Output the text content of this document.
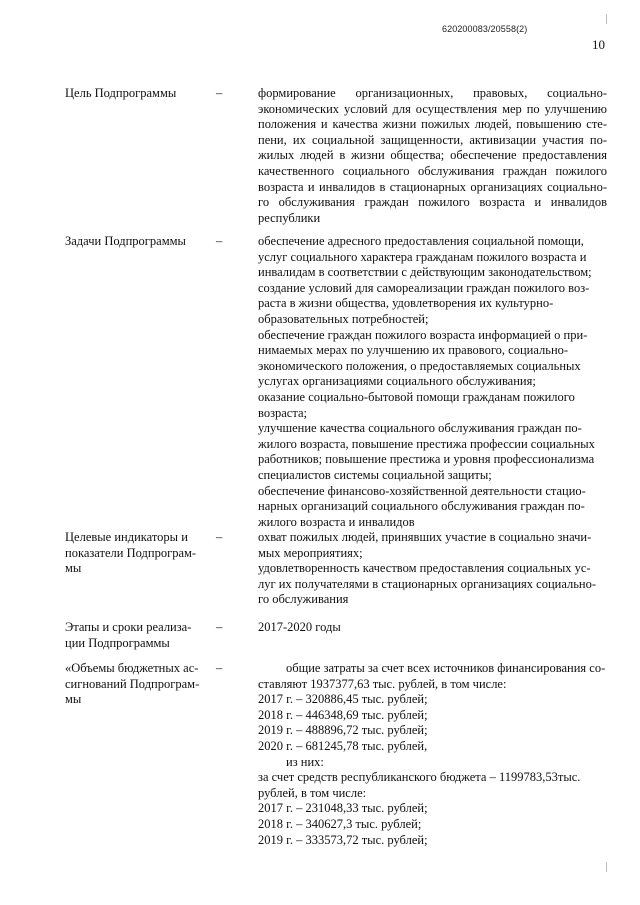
620200083/20558(2)
10
Цель Подпрограммы	–	формирование организационных, правовых, социально-
экономических условий для осуществления мер по улучшению
положения и качества жизни пожилых людей, повышению сте-
пени, их социальной защищенности, активизации участия по-
жилых людей в жизни общества; обеспечение предоставления
качественного социального обслуживания граждан пожилого
возраста и инвалидов в стационарных организациях социально-
го обслуживания граждан пожилого возраста и инвалидов
республики
Задачи Подпрограммы	–	обеспечение адресного предоставления социальной помощи,
услуг социального характера гражданам пожилого возраста и
инвалидам в соответствии с действующим законодательством;
создание условий для самореализации граждан пожилого воз-
раста в жизни общества, удовлетворения их культурно-
образовательных потребностей;
обеспечение граждан пожилого возраста информацией о при-
нимаемых мерах по улучшению их правового, социально-
экономического положения, о предоставляемых социальных
услугах организациями социального обслуживания;
оказание социально-бытовой помощи гражданам пожилого
возраста;
улучшение качества социального обслуживания граждан по-
жилого возраста, повышение престижа профессии социальных
работников; повышение престижа и уровня профессионализма
специалистов системы социальной защиты;
обеспечение финансово-хозяйственной деятельности стацио-
нарных организаций социального обслуживания граждан по-
жилого возраста и инвалидов
Целевые индикаторы и
показатели Подпрограм-
мы
–	охват пожилых людей, принявших участие в социально значи-
мых мероприятиях;
удовлетворенность качеством предоставления социальных ус-
луг их получателями в стационарных организациях социально-
го обслуживания
Этапы и сроки реализа-
ции Подпрограммы
–	2017-2020 годы
«Объемы бюджетных ас-
сигнований Подпрограм-
мы
–	общие затраты за счет всех источников финансирования со-
ставляют 1937377,63 тыс. рублей, в том числе:
2017 г. – 320886,45 тыс. рублей;
2018 г. – 446348,69 тыс. рублей;
2019 г. – 488896,72 тыс. рублей;
2020 г. – 681245,78 тыс. рублей,
из них:
за счет средств республиканского бюджета – 1199783,53тыс.
рублей, в том числе:
2017 г. – 231048,33 тыс. рублей;
2018 г. – 340627,3 тыс. рублей;
2019 г. – 333573,72 тыс. рублей;
